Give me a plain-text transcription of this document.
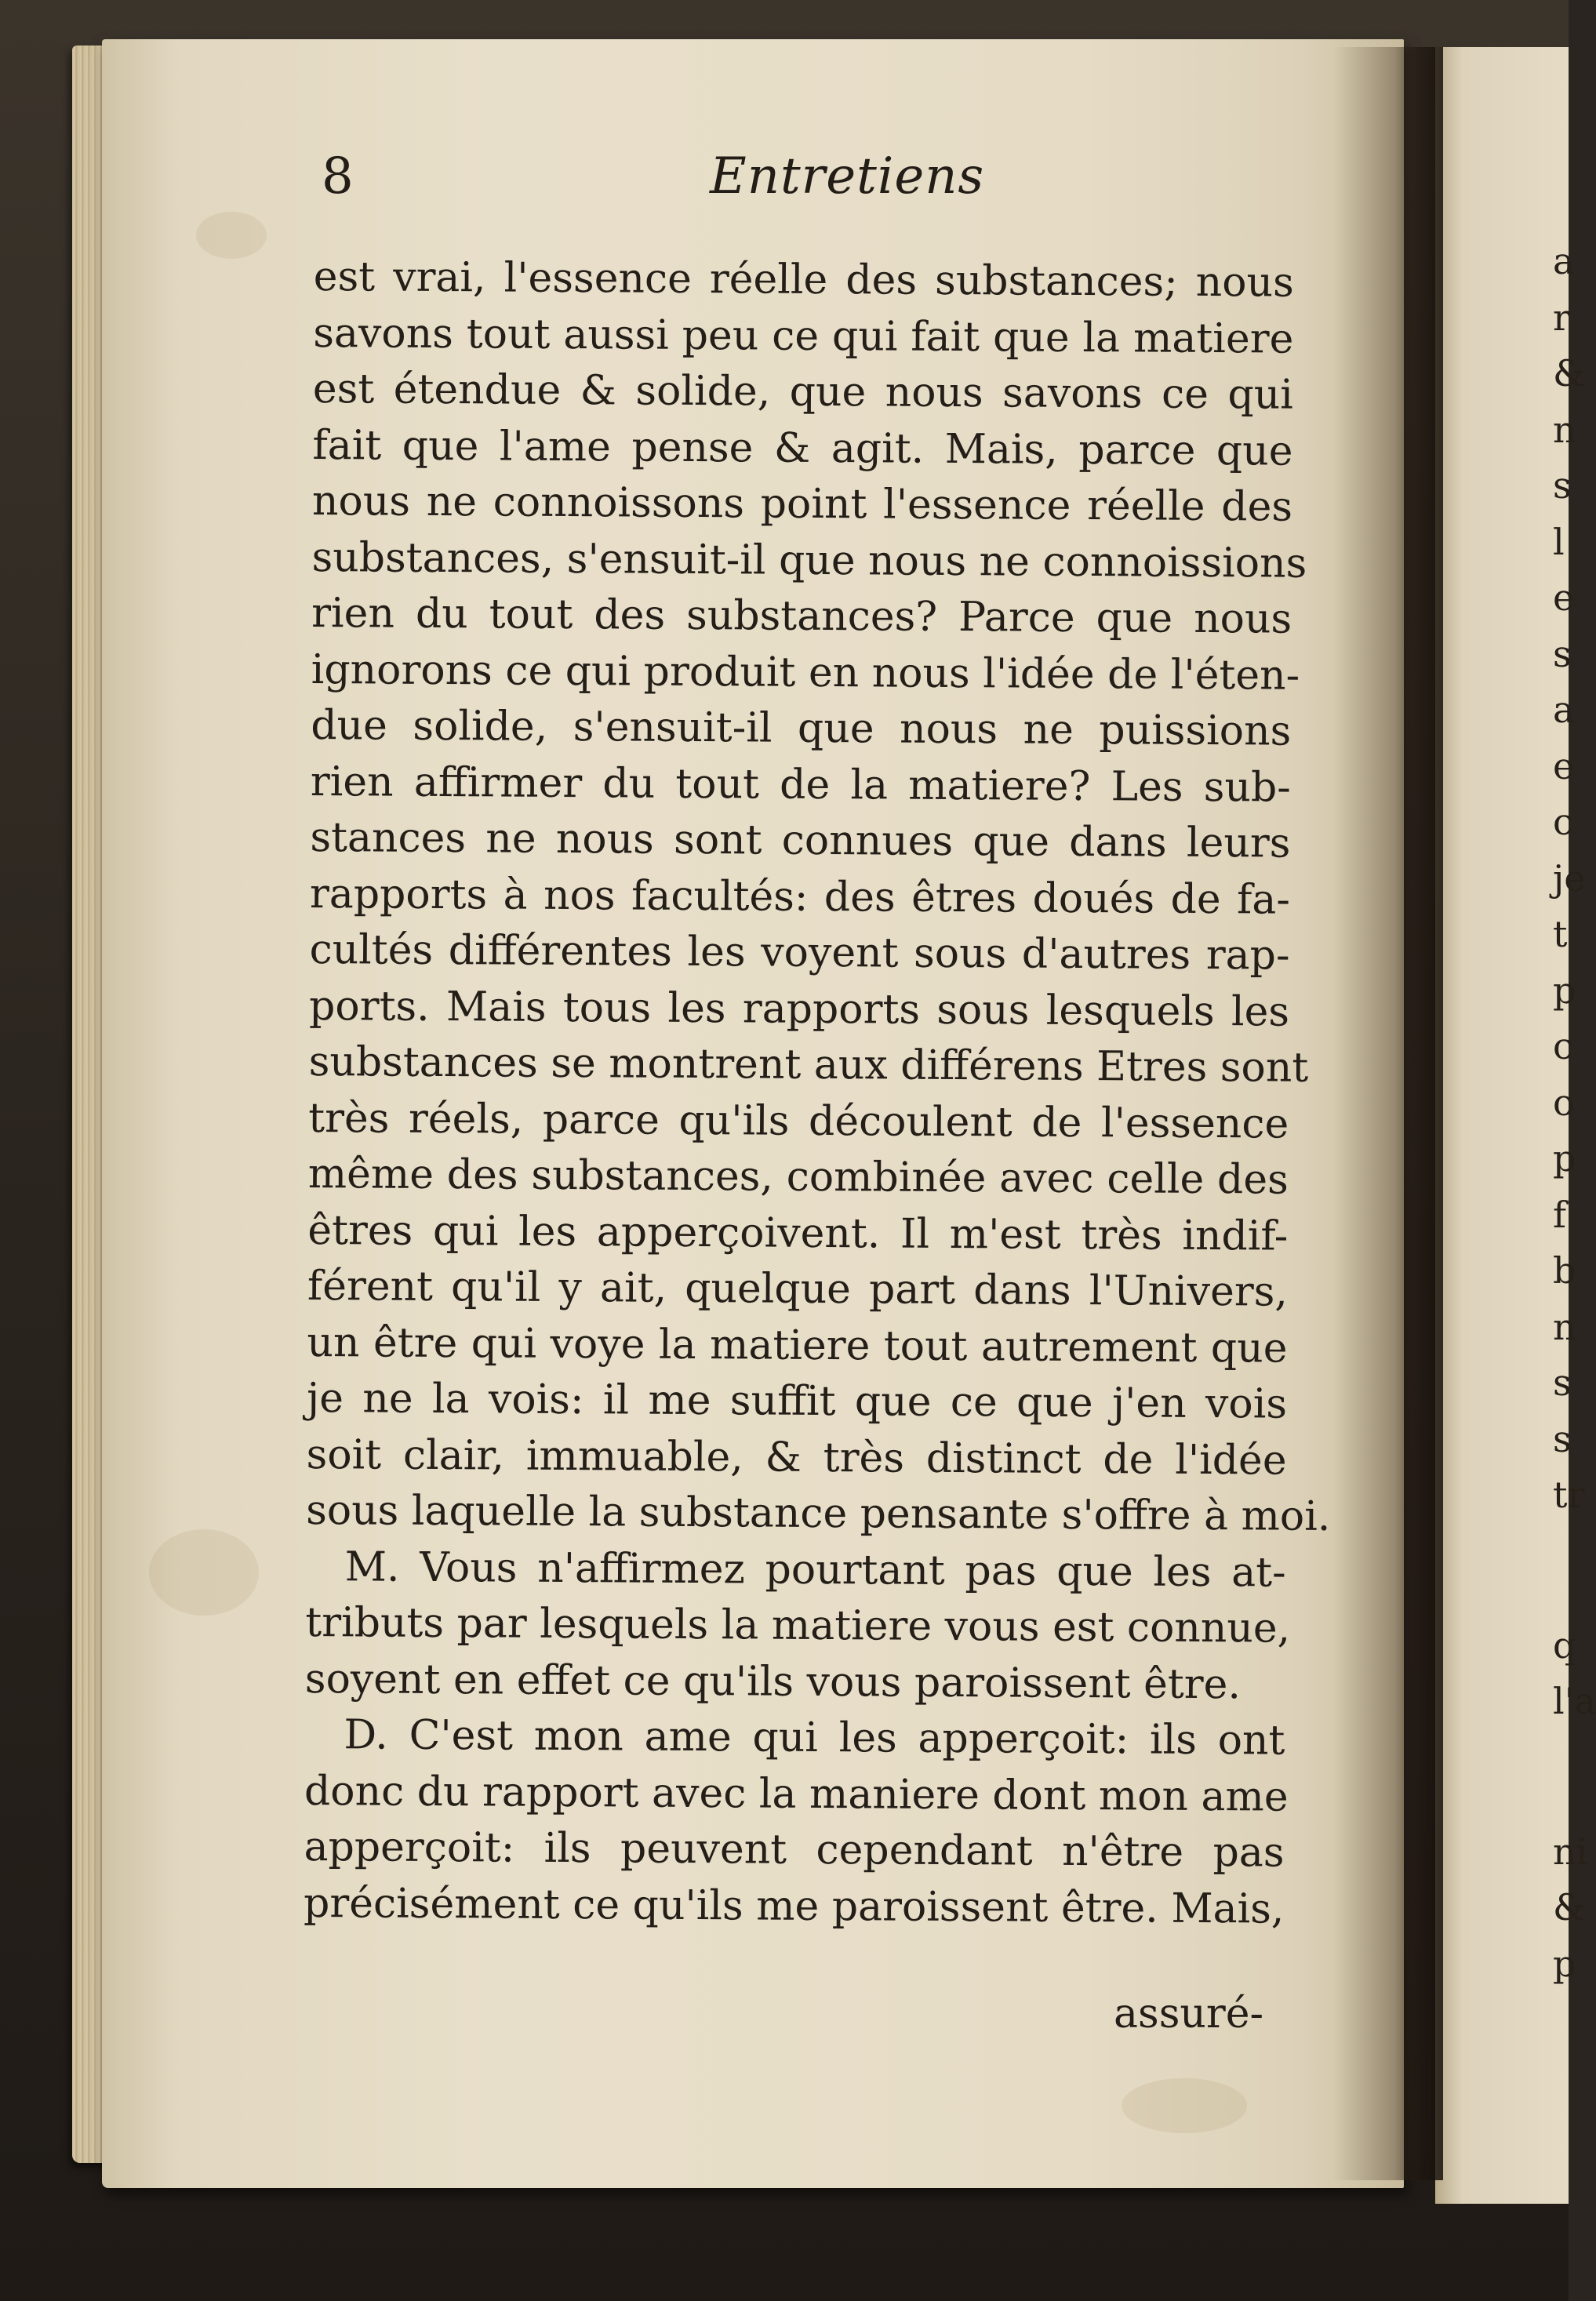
a
r
&
n
s
l
e
s
a
e
c
je
t
p
c
o
p
f
b
n
s
s
tr
q
l'a
ni
&
p
8	Entretiens
est vrai, l'essence réelle des substances; nous
savons tout aussi peu ce qui fait que la matiere
est étendue & solide, que nous savons ce qui
fait que l'ame pense & agit. Mais, parce que
nous ne connoissons point l'essence réelle des
substances, s'ensuit-il que nous ne connoissions
rien du tout des substances? Parce que nous
ignorons ce qui produit en nous l'idée de l'éten-
due solide, s'ensuit-il que nous ne puissions
rien affirmer du tout de la matiere? Les sub-
stances ne nous sont connues que dans leurs
rapports à nos facultés: des êtres doués de fa-
cultés différentes les voyent sous d'autres rap-
ports. Mais tous les rapports sous lesquels les
substances se montrent aux différens Etres sont
très réels, parce qu'ils découlent de l'essence
même des substances, combinée avec celle des
êtres qui les apperçoivent. Il m'est très indif-
férent qu'il y ait, quelque part dans l'Univers,
un être qui voye la matiere tout autrement que
je ne la vois: il me suffit que ce que j'en vois
soit clair, immuable, & très distinct de l'idée
sous laquelle la substance pensante s'offre à moi.
M. Vous n'affirmez pourtant pas que les at-
tributs par lesquels la matiere vous est connue,
soyent en effet ce qu'ils vous paroissent être.
D. C'est mon ame qui les apperçoit: ils ont
donc du rapport avec la maniere dont mon ame
apperçoit: ils peuvent cependant n'être pas
précisément ce qu'ils me paroissent être. Mais,
assuré-
